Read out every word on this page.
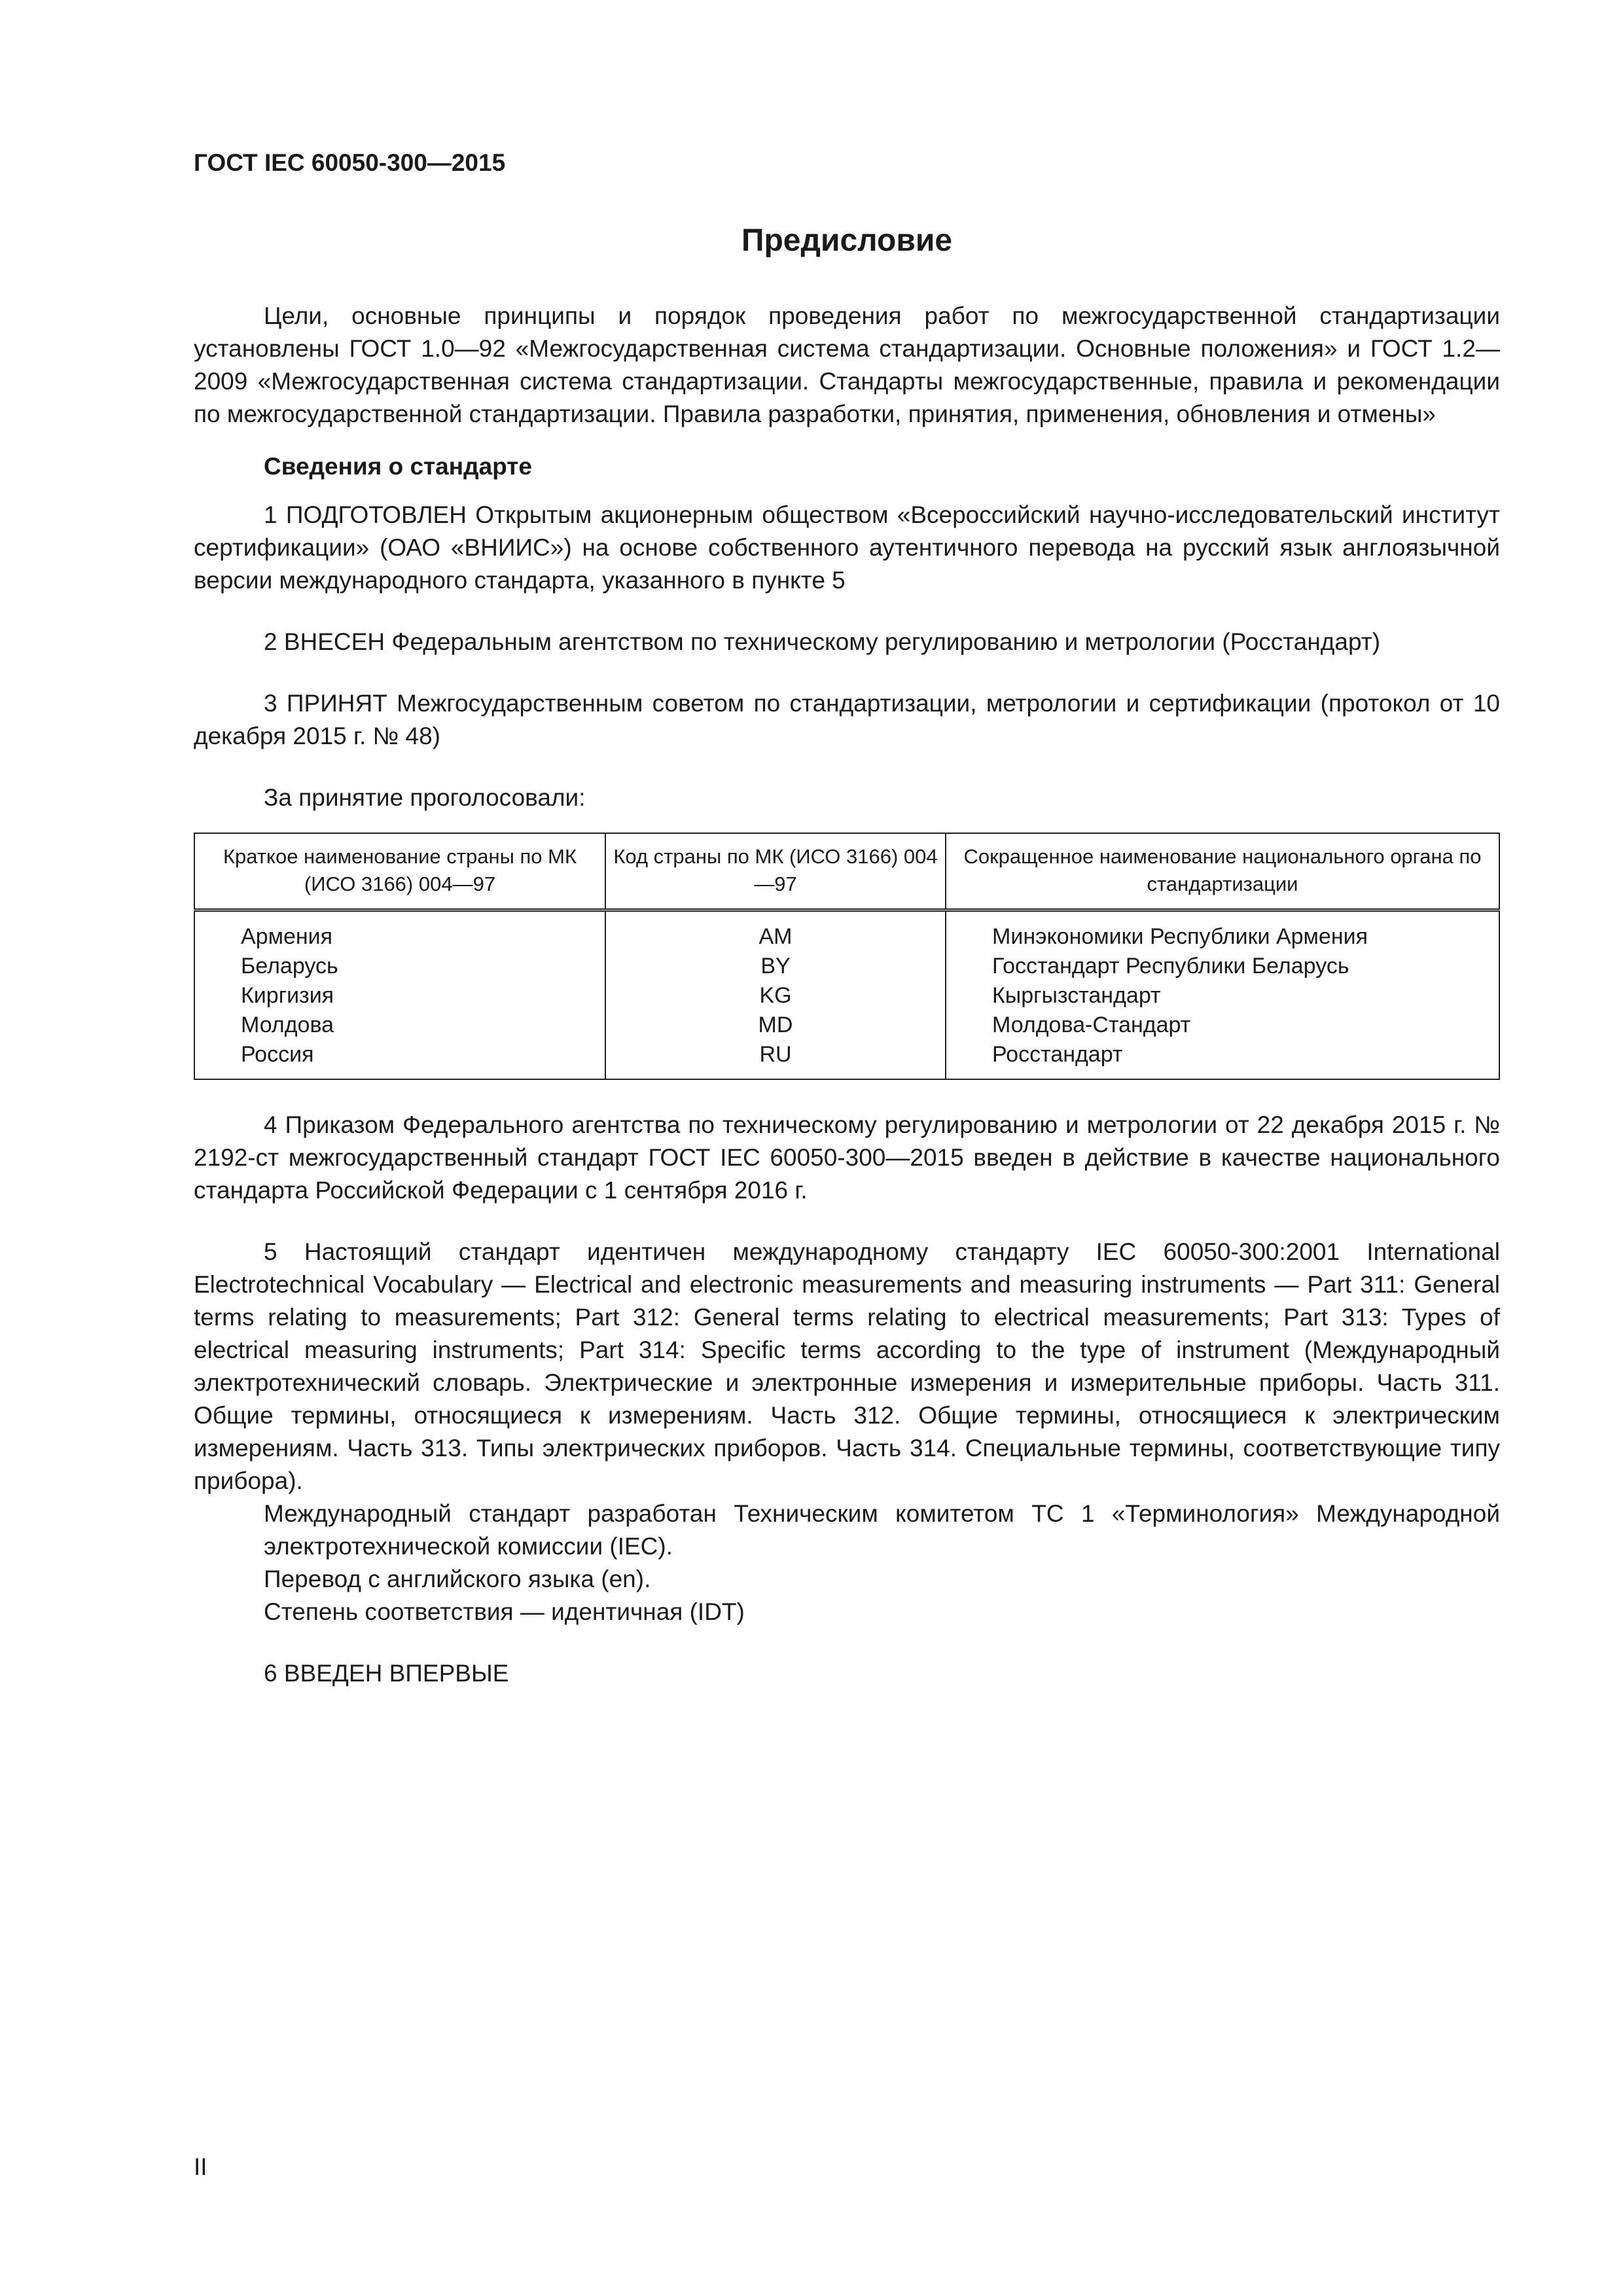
ГОСТ IEC 60050-300—2015
Предисловие

Цели, основные принципы и порядок проведения работ по межгосударственной стандартизации установлены ГОСТ 1.0—92 «Межгосударственная система стандартизации. Основные положения» и ГОСТ 1.2—2009 «Межгосударственная система стандартизации. Стандарты межгосударственные, правила и рекомендации по межгосударственной стандартизации. Правила разработки, принятия, применения, обновления и отмены»

Сведения о стандарте

1 ПОДГОТОВЛЕН Открытым акционерным обществом «Всероссийский научно-исследовательский институт сертификации» (ОАО «ВНИИС») на основе собственного аутентичного перевода на русский язык англоязычной версии международного стандарта, указанного в пункте 5

2 ВНЕСЕН Федеральным агентством по техническому регулированию и метрологии (Росстандарт)

3 ПРИНЯТ Межгосударственным советом по стандартизации, метрологии и сертификации (протокол от 10 декабря 2015 г. № 48)

За принятие проголосовали:

Краткое наименование страны по МК (ИСО 3166) 004—97	Код страны по МК (ИСО 3166) 004—97	Сокращенное наименование национального органа по стандартизации
Армения	AM	Минэкономики Республики Армения
Беларусь	BY	Госстандарт Республики Беларусь
Киргизия	KG	Кыргызстандарт
Молдова	MD	Молдова-Стандарт
Россия	RU	Росстандарт

4 Приказом Федерального агентства по техническому регулированию и метрологии от 22 декабря 2015 г. № 2192-ст межгосударственный стандарт ГОСТ IEC 60050-300—2015 введен в действие в качестве национального стандарта Российской Федерации с 1 сентября 2016 г.

5 Настоящий стандарт идентичен международному стандарту IEC 60050-300:2001 International Electrotechnical Vocabulary — Electrical and electronic measurements and measuring instruments — Part 311: General terms relating to measurements; Part 312: General terms relating to electrical measurements; Part 313: Types of electrical measuring instruments; Part 314: Specific terms according to the type of instrument (Международный электротехнический словарь. Электрические и электронные измерения и измерительные приборы. Часть 311. Общие термины, относящиеся к измерениям. Часть 312. Общие термины, относящиеся к электрическим измерениям. Часть 313. Типы электрических приборов. Часть 314. Специальные термины, соответствующие типу прибора).

Международный стандарт разработан Техническим комитетом TC 1 «Терминология» Международной электротехнической комиссии (IEC).

Перевод с английского языка (en).

Степень соответствия — идентичная (IDT)

6 ВВЕДЕН ВПЕРВЫЕ

II
